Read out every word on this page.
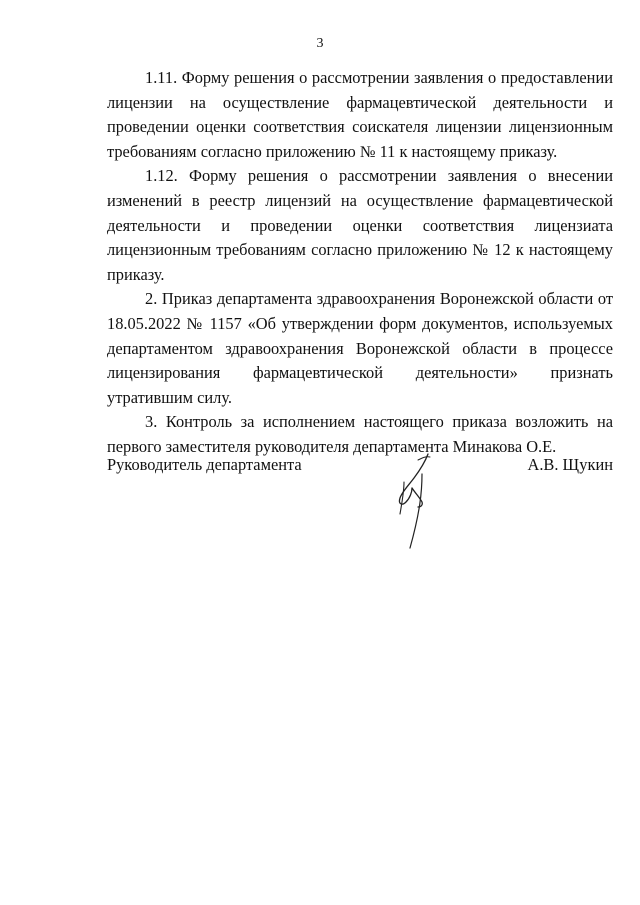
3

1.11. Форму решения о рассмотрении заявления о предоставлении лицензии на осуществление фармацевтической деятельности и проведении оценки соответствия соискателя лицензии лицензионным требованиям согласно приложению № 11 к настоящему приказу.

1.12. Форму решения о рассмотрении заявления о внесении изменений в реестр лицензий на осуществление фармацевтической деятельности и проведении оценки соответствия лицензиата лицензионным требованиям согласно приложению № 12 к настоящему приказу.

2. Приказ департамента здравоохранения Воронежской области от 18.05.2022 № 1157 «Об утверждении форм документов, используемых департаментом здравоохранения Воронежской области в процессе лицензирования фармацевтической деятельности» признать утратившим силу.

3. Контроль за исполнением настоящего приказа возложить на первого заместителя руководителя департамента Минакова О.Е.

Руководитель департамента	А.В. Щукин
